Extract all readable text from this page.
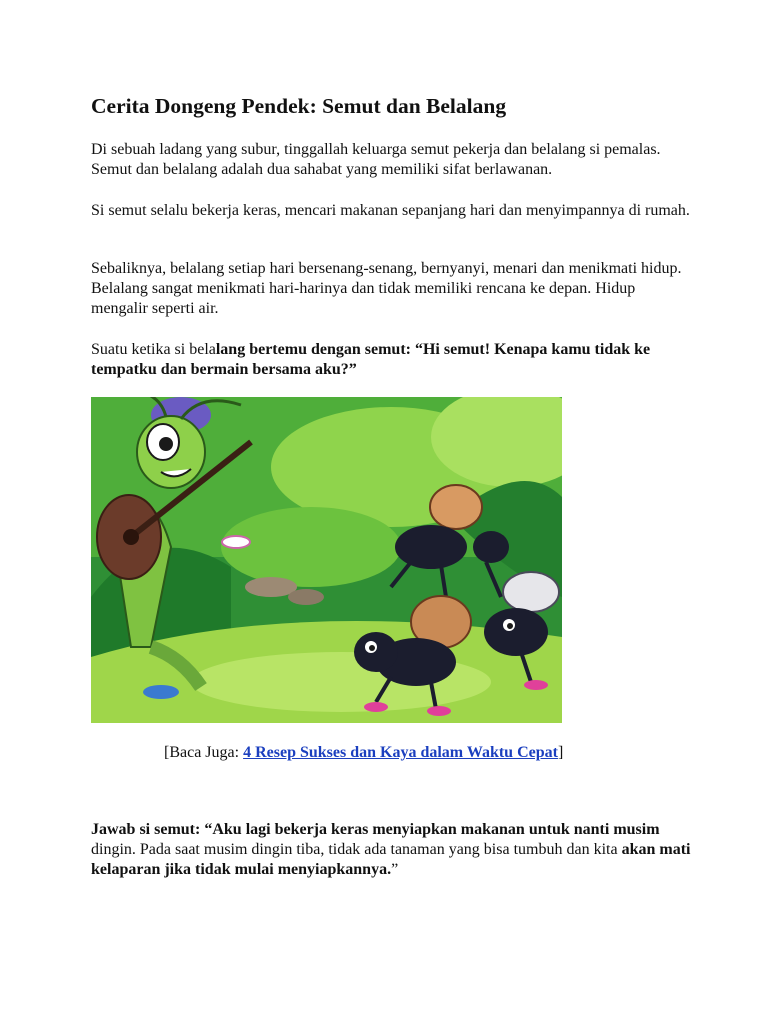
Cerita Dongeng Pendek: Semut dan Belalang

Di sebuah ladang yang subur, tinggallah keluarga semut pekerja dan belalang si pemalas. Semut dan belalang adalah dua sahabat yang memiliki sifat berlawanan.

Si semut selalu bekerja keras, mencari makanan sepanjang hari dan menyimpannya di rumah.

Sebaliknya, belalang setiap hari bersenang-senang, bernyanyi, menari dan menikmati hidup. Belalang sangat menikmati hari-harinya dan tidak memiliki rencana ke depan. Hidup mengalir seperti air.

Suatu ketika si belalang bertemu dengan semut: “Hi semut! Kenapa kamu tidak ke tempatku dan bermain bersama aku?”

[Baca Juga: 4 Resep Sukses dan Kaya dalam Waktu Cepat]

Jawab si semut: “Aku lagi bekerja keras menyiapkan makanan untuk nanti musim dingin. Pada saat musim dingin tiba, tidak ada tanaman yang bisa tumbuh dan kita akan mati kelaparan jika tidak mulai menyiapkannya.”
